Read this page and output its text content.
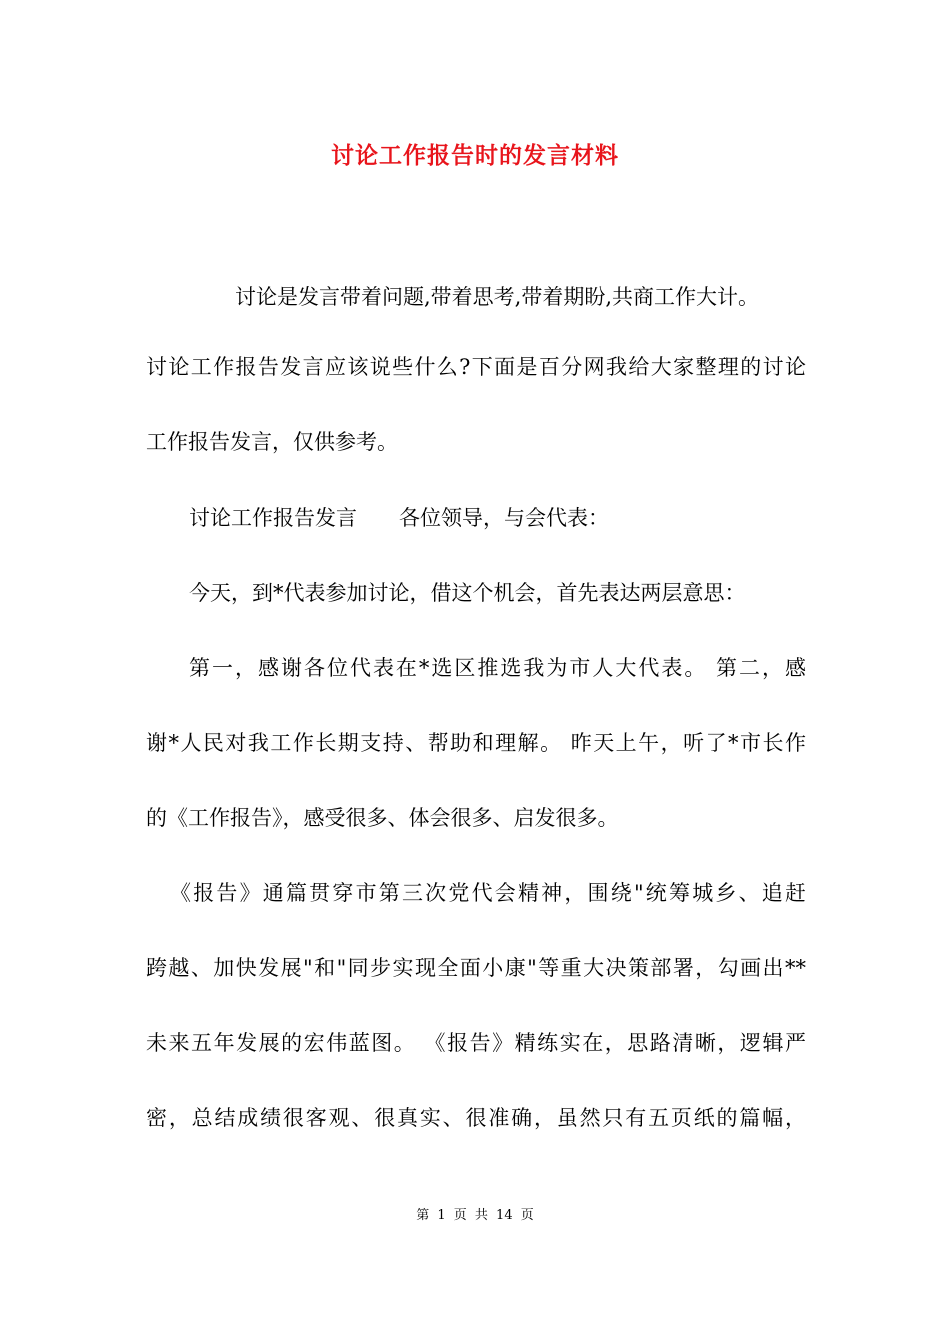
讨论工作报告时的发言材料
讨论是发言带着问题,带着思考,带着期盼,共商工作大计。
讨论工作报告发言应该说些什么?下面是百分网我给大家整理的讨论
工作报告发言，仅供参考。
讨论工作报告发言　　各位领导，与会代表：
今天，到*代表参加讨论，借这个机会，首先表达两层意思：
第一，感谢各位代表在*选区推选我为市人大代表。 第二，感
谢*人民对我工作长期支持、帮助和理解。 昨天上午，听了*市长作
的《工作报告》，感受很多、体会很多、启发很多。
《报告》通篇贯穿市第三次党代会精神，围绕"统筹城乡、追赶
跨越、加快发展"和"同步实现全面小康"等重大决策部署，勾画出**
未来五年发展的宏伟蓝图。 《报告》精练实在，思路清晰，逻辑严
密，总结成绩很客观、很真实、很准确，虽然只有五页纸的篇幅，
第 1 页 共 14 页
